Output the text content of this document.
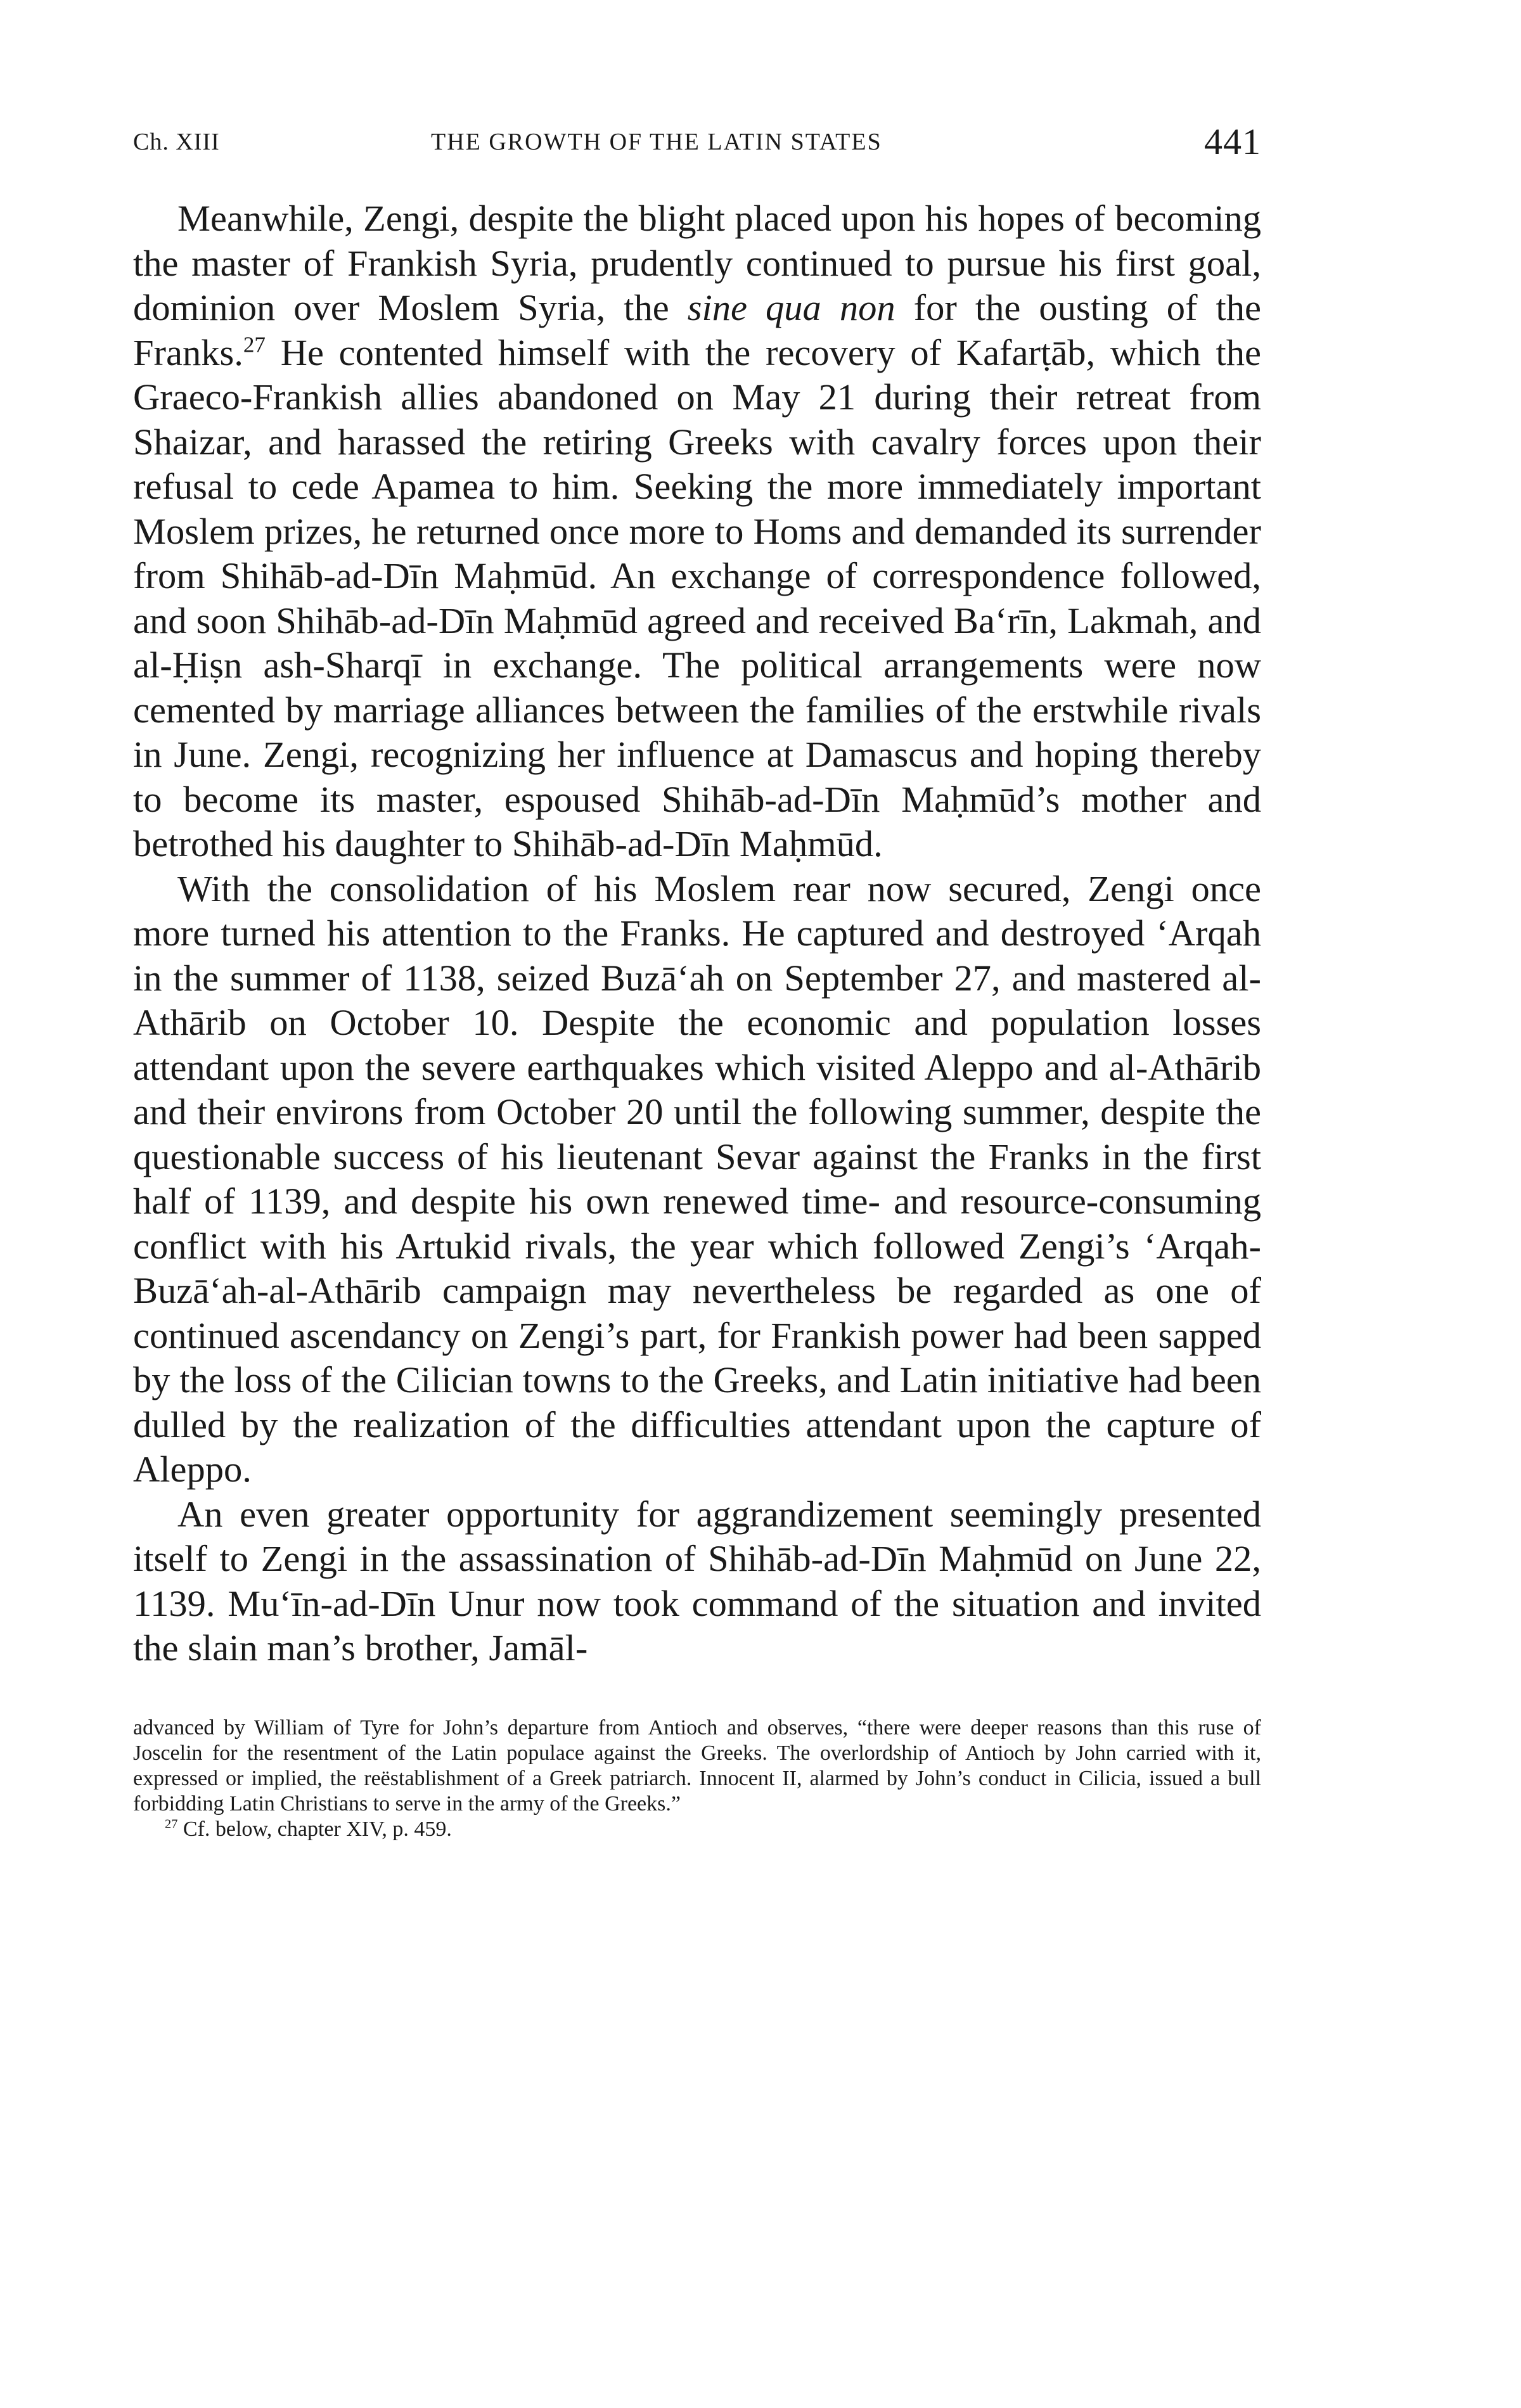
Ch. XIII	THE GROWTH OF THE LATIN STATES	441

Meanwhile, Zengi, despite the blight placed upon his hopes of becoming the master of Frankish Syria, prudently continued to pursue his first goal, dominion over Moslem Syria, the sine qua non for the ousting of the Franks.$^{27}$ He contented himself with the recovery of Kafarṭāb, which the Graeco-Frankish allies abandoned on May 21 during their retreat from Shaizar, and harassed the retiring Greeks with cavalry forces upon their refusal to cede Apamea to him. Seeking the more immediately important Moslem prizes, he returned once more to Homs and demanded its surrender from Shihāb-ad-Dīn Maḥmūd. An exchange of correspondence followed, and soon Shihāb-ad-Dīn Maḥmūd agreed and received Ba‘rīn, Lakmah, and al-Ḥiṣn ash-Sharqī in exchange. The political arrangements were now cemented by marriage alliances between the families of the erstwhile rivals in June. Zengi, recognizing her influence at Damascus and hoping thereby to become its master, espoused Shihāb-ad-Dīn Maḥmūd’s mother and betrothed his daughter to Shihāb-ad-Dīn Maḥmūd.

With the consolidation of his Moslem rear now secured, Zengi once more turned his attention to the Franks. He captured and destroyed ‘Arqah in the summer of 1138, seized Buzā‘ah on September 27, and mastered al-Athārib on October 10. Despite the economic and population losses attendant upon the severe earthquakes which visited Aleppo and al-Athārib and their environs from October 20 until the following summer, despite the questionable success of his lieutenant Sevar against the Franks in the first half of 1139, and despite his own renewed time- and resource-consuming conflict with his Artukid rivals, the year which followed Zengi’s ‘Arqah-Buzā‘ah-al-Athārib campaign may nevertheless be regarded as one of continued ascendancy on Zengi’s part, for Frankish power had been sapped by the loss of the Cilician towns to the Greeks, and Latin initiative had been dulled by the realization of the difficulties attendant upon the capture of Aleppo.

An even greater opportunity for aggrandizement seemingly presented itself to Zengi in the assassination of Shihāb-ad-Dīn Maḥmūd on June 22, 1139. Mu‘īn-ad-Dīn Unur now took command of the situation and invited the slain man’s brother, Jamāl-

advanced by William of Tyre for John’s departure from Antioch and observes, “there were deeper reasons than this ruse of Joscelin for the resentment of the Latin populace against the Greeks. The overlordship of Antioch by John carried with it, expressed or implied, the reëstablishment of a Greek patriarch. Innocent II, alarmed by John’s conduct in Cilicia, issued a bull forbidding Latin Christians to serve in the army of the Greeks.”

$^{27}$ Cf. below, chapter XIV, p. 459.
